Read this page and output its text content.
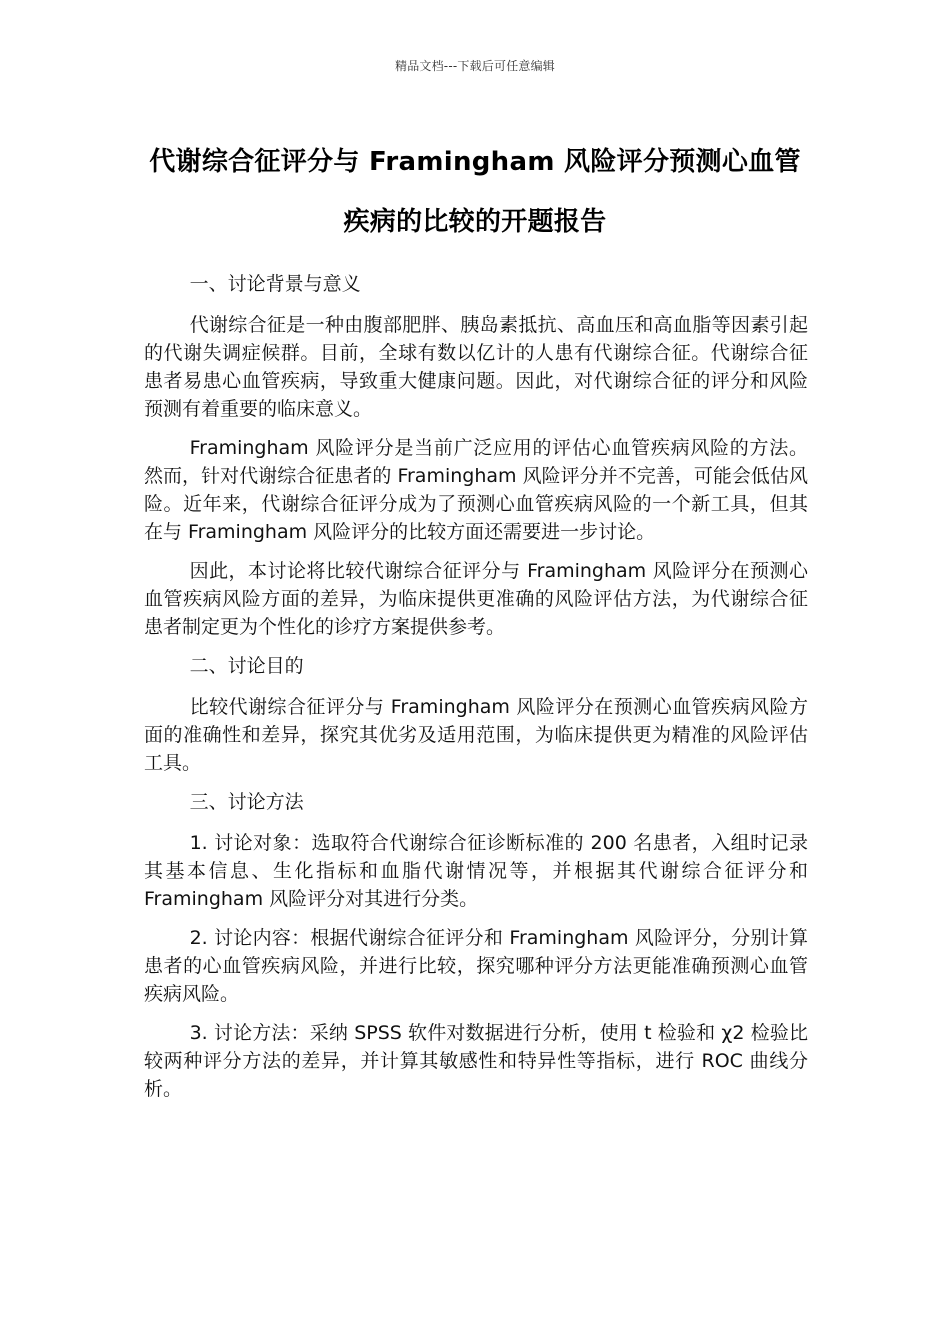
精品文档---下载后可任意编辑
代谢综合征评分与 Framingham 风险评分预测心血管
疾病的比较的开题报告

一、讨论背景与意义

代谢综合征是一种由腹部肥胖、胰岛素抵抗、高血压和高血脂等因素引起的代谢失调症候群。目前，全球有数以亿计的人患有代谢综合征。代谢综合征患者易患心血管疾病，导致重大健康问题。因此，对代谢综合征的评分和风险预测有着重要的临床意义。

Framingham 风险评分是当前广泛应用的评估心血管疾病风险的方法。然而，针对代谢综合征患者的 Framingham 风险评分并不完善，可能会低估风险。近年来，代谢综合征评分成为了预测心血管疾病风险的一个新工具，但其在与 Framingham 风险评分的比较方面还需要进一步讨论。

因此，本讨论将比较代谢综合征评分与 Framingham 风险评分在预测心血管疾病风险方面的差异，为临床提供更准确的风险评估方法，为代谢综合征患者制定更为个性化的诊疗方案提供参考。

二、讨论目的

比较代谢综合征评分与 Framingham 风险评分在预测心血管疾病风险方面的准确性和差异，探究其优劣及适用范围，为临床提供更为精准的风险评估工具。

三、讨论方法

1. 讨论对象：选取符合代谢综合征诊断标准的 200 名患者，入组时记录其基本信息、生化指标和血脂代谢情况等，并根据其代谢综合征评分和 Framingham 风险评分对其进行分类。

2. 讨论内容：根据代谢综合征评分和 Framingham 风险评分，分别计算患者的心血管疾病风险，并进行比较，探究哪种评分方法更能准确预测心血管疾病风险。

3. 讨论方法：采纳 SPSS 软件对数据进行分析，使用 t 检验和 χ2 检验比较两种评分方法的差异，并计算其敏感性和特异性等指标，进行 ROC 曲线分析。
